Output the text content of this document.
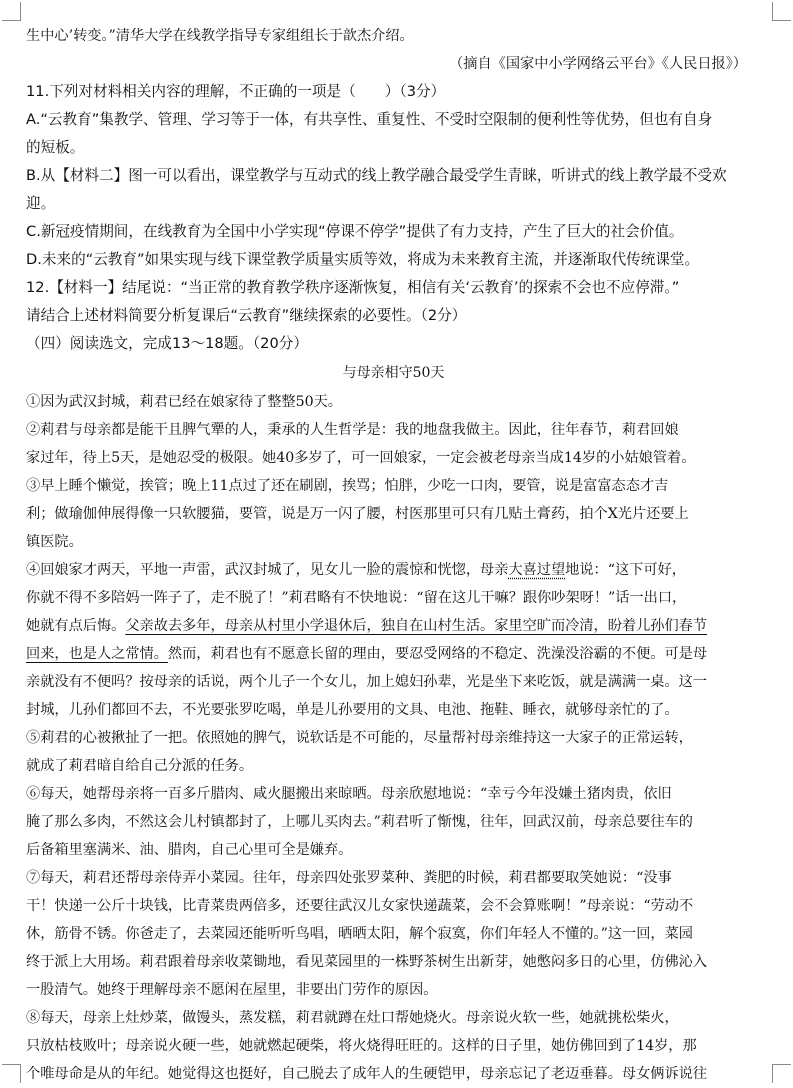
生中心’转变。”清华大学在线教学指导专家组组长于歆杰介绍。
（摘自《国家中小学网络云平台》《人民日报》）
11.下列对材料相关内容的理解，不正确的一项是（　　）（3分）
A.“云教育”集教学、管理、学习等于一体，有共享性、重复性、不受时空限制的便利性等优势，但也有自身
的短板。
B.从【材料二】图一可以看出，课堂教学与互动式的线上教学融合最受学生青睐，听讲式的线上教学最不受欢
迎。
C.新冠疫情期间，在线教育为全国中小学实现“停课不停学”提供了有力支持，产生了巨大的社会价值。
D.未来的“云教育”如果实现与线下课堂教学质量实质等效，将成为未来教育主流，并逐渐取代传统课堂。
12.【材料一】结尾说：“当正常的教育教学秩序逐渐恢复，相信有关‘云教育’的探索不会也不应停滞。”
请结合上述材料简要分析复课后“云教育”继续探索的必要性。（2分）
（四）阅读选文，完成13～18题。（20分）
与母亲相守50天
①因为武汉封城，莉君已经在娘家待了整整50天。
②莉君与母亲都是能干且脾气犟的人，秉承的人生哲学是：我的地盘我做主。因此，往年春节，莉君回娘
家过年，待上5天，是她忍受的极限。她40多岁了，可一回娘家，一定会被老母亲当成14岁的小姑娘管着。
③早上睡个懒觉，挨管；晚上11点过了还在刷剧，挨骂；怕胖，少吃一口肉，要管，说是富富态态才吉
利；做瑜伽伸展得像一只软腰猫，要管，说是万一闪了腰，村医那里可只有几贴土膏药，拍个X光片还要上
镇医院。
④回娘家才两天，平地一声雷，武汉封城了，见女儿一脸的震惊和恍惚，母亲大喜过望地说：“这下可好，
你就不得不多陪妈一阵子了，走不脱了！”莉君略有不快地说：“留在这儿干嘛？跟你吵架呀！”话一出口，
她就有点后悔。父亲故去多年，母亲从村里小学退休后，独自在山村生活。家里空旷而冷清，盼着儿孙们春节
回来，也是人之常情。然而，莉君也有不愿意长留的理由，要忍受网络的不稳定、洗澡没浴霸的不便。可是母
亲就没有不便吗？按母亲的话说，两个儿子一个女儿，加上媳妇孙辈，光是坐下来吃饭，就是满满一桌。这一
封城，儿孙们都回不去，不光要张罗吃喝，单是儿孙要用的文具、电池、拖鞋、睡衣，就够母亲忙的了。
⑤莉君的心被揪扯了一把。依照她的脾气，说软话是不可能的，尽量帮衬母亲维持这一大家子的正常运转，
就成了莉君暗自给自己分派的任务。
⑥每天，她帮母亲将一百多斤腊肉、咸火腿搬出来晾晒。母亲欣慰地说：“幸亏今年没嫌土猪肉贵，依旧
腌了那么多肉，不然这会儿村镇都封了，上哪儿买肉去。”莉君听了惭愧，往年，回武汉前，母亲总要往车的
后备箱里塞满米、油、腊肉，自己心里可全是嫌弃。
⑦每天，莉君还帮母亲侍弄小菜园。往年，母亲四处张罗菜种、粪肥的时候，莉君都要取笑她说：“没事
干！快递一公斤十块钱，比青菜贵两倍多，还要往武汉儿女家快递蔬菜，会不会算账啊！”母亲说：“劳动不
休，筋骨不锈。你爸走了，去菜园还能听听鸟唱，晒晒太阳，解个寂寞，你们年轻人不懂的。”这一回，菜园
终于派上大用场。莉君跟着母亲收菜锄地，看见菜园里的一株野茶树生出新芽，她憋闷多日的心里，仿佛沁入
一股清气。她终于理解母亲不愿闲在屋里，非要出门劳作的原因。
⑧每天，母亲上灶炒菜，做馒头，蒸发糕，莉君就蹲在灶口帮她烧火。母亲说火软一些，她就挑松柴火，
只放枯枝败叶；母亲说火硬一些，她就燃起硬柴，将火烧得旺旺的。这样的日子里，她仿佛回到了14岁，那
个唯母命是从的年纪。她觉得这也挺好，自己脱去了成年人的生硬铠甲，母亲忘记了老迈垂暮。母女俩诉说往
